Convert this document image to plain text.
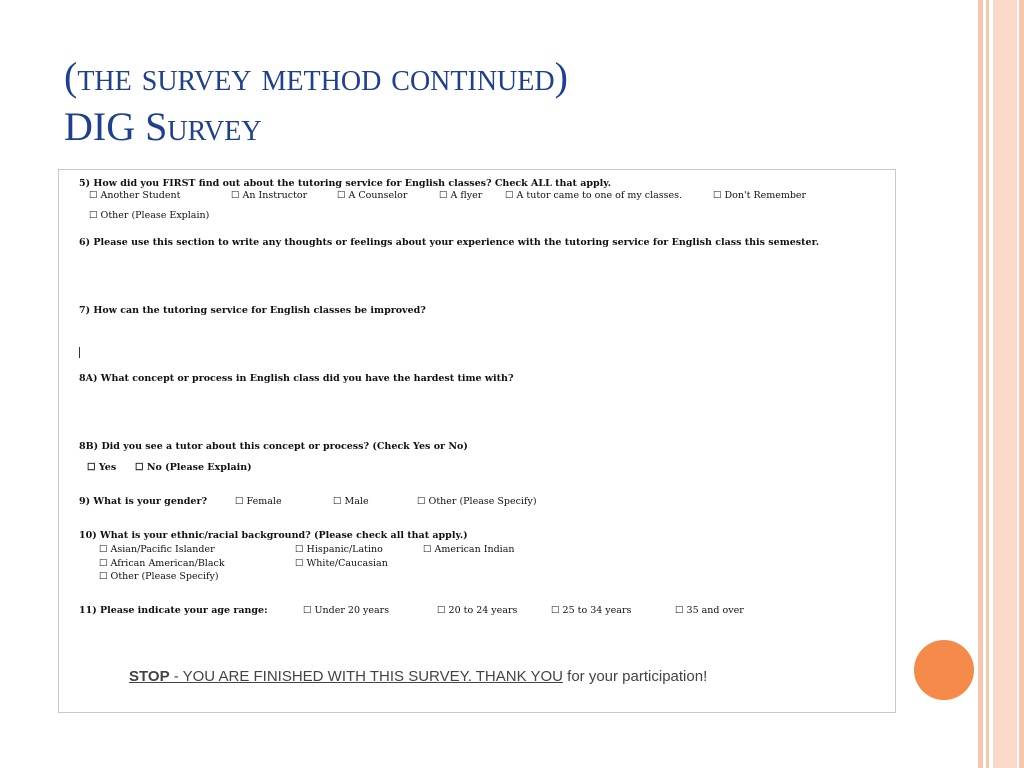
(the survey method continued)
DIG Survey

5) How did you FIRST find out about the tutoring service for English classes? Check ALL that apply.

☐ Another Student	☐ An Instructor	☐ A Counselor	☐ A flyer ☐ A tutor came to one of my classes.	☐ Don't Remember
☐ Other (Please Explain)

6) Please use this section to write any thoughts or feelings about your experience with the tutoring service for English class this semester.

7) How can the tutoring service for English classes be improved?

8A) What concept or process in English class did you have the hardest time with?

8B) Did you see a tutor about this concept or process? (Check Yes or No)

☐ Yes ☐ No (Please Explain)

9) What is your gender?	☐ Female	☐ Male	☐ Other (Please Specify)

10) What is your ethnic/racial background? (Please check all that apply.)

☐ Asian/Pacific Islander	☐ Hispanic/Latino	☐ American Indian
☐ African American/Black	☐ White/Caucasian
☐ Other (Please Specify)

11) Please indicate your age range:	☐ Under 20 years	☐ 20 to 24 years	☐ 25 to 34 years	☐ 35 and over
STOP - YOU ARE FINISHED WITH THIS SURVEY. THANK YOU for your participation!
